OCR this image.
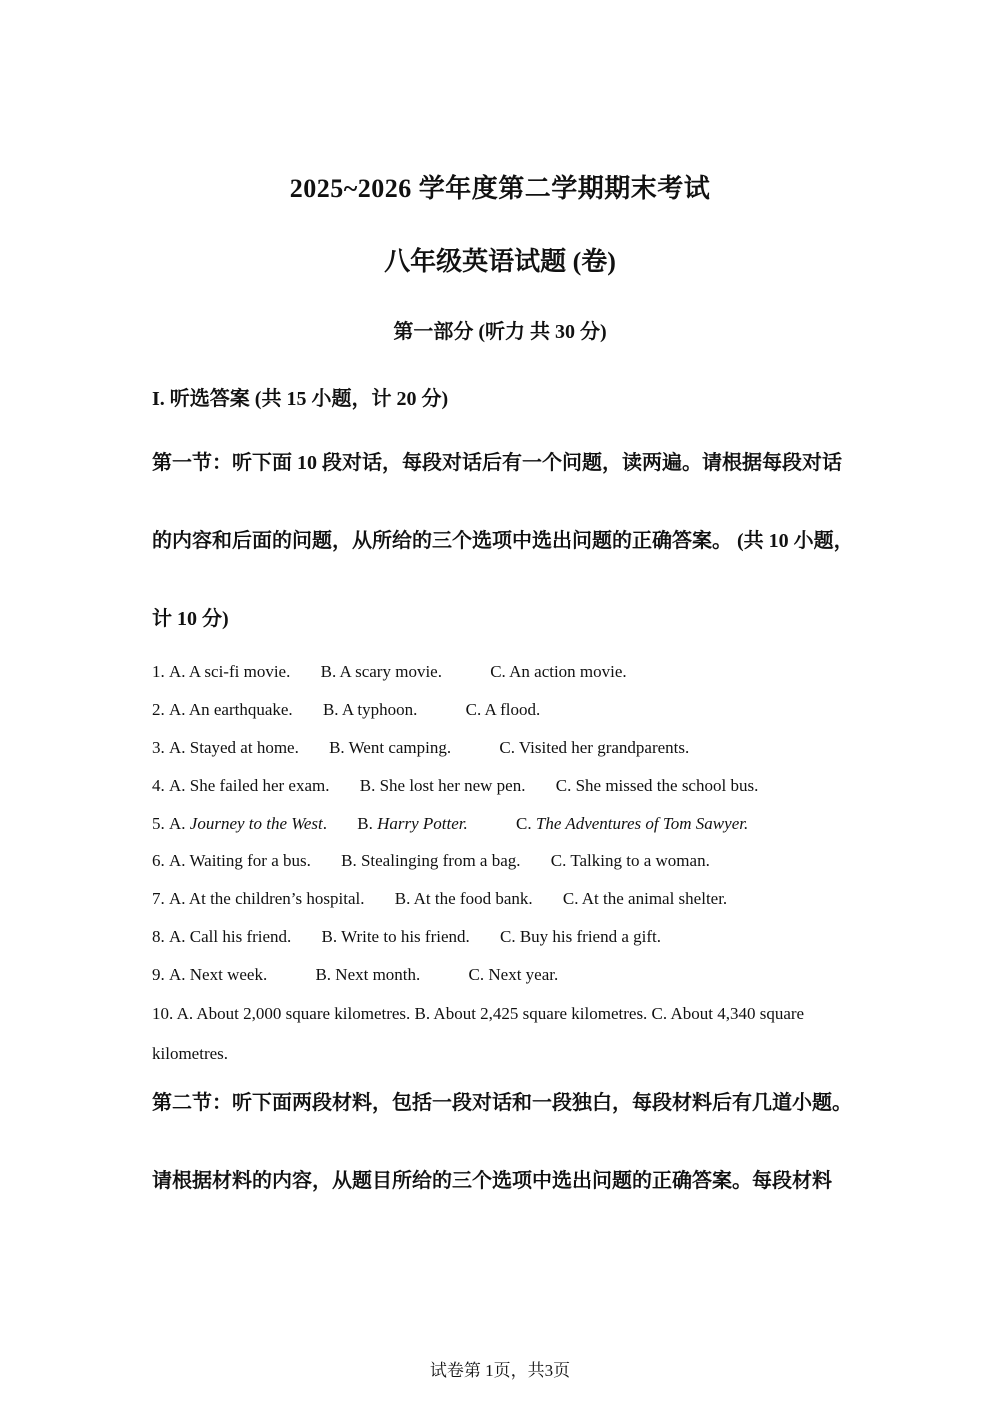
2025~2026 学年度第二学期期末考试
八年级英语试题 (卷)
第一部分 (听力 共 30 分)
I. 听选答案 (共 15 小题，计 20 分)
第一节：听下面 10 段对话，每段对话后有一个问题，读两遍。请根据每段对话
的内容和后面的问题，从所给的三个选项中选出问题的正确答案。 (共 10 小题，
计 10 分)
1. A. A sci-fi movie. B. A scary movie.	C. An action movie.
2. A. An earthquake. B. A typhoon.	C. A flood.
3. A. Stayed at home. B. Went camping.	C. Visited her grandparents.
4. A. She failed her exam. B. She lost her new pen. C. She missed the school bus.
5. A. Journey to the West. B. Harry Potter.	C. The Adventures of Tom Sawyer.
6. A. Waiting for a bus. B. Stealinging from a bag. C. Talking to a woman.
7. A. At the children’s hospital. B. At the food bank. C. At the animal shelter.
8. A. Call his friend. B. Write to his friend. C. Buy his friend a gift.
9. A. Next week.	B. Next month.	C. Next year.
10. A. About 2,000 square kilometres. B. About 2,425 square kilometres. C. About 4,340 square kilometres.
第二节：听下面两段材料，包括一段对话和一段独白，每段材料后有几道小题。
请根据材料的内容，从题目所给的三个选项中选出问题的正确答案。每段材料
试卷第 1页，共3页
